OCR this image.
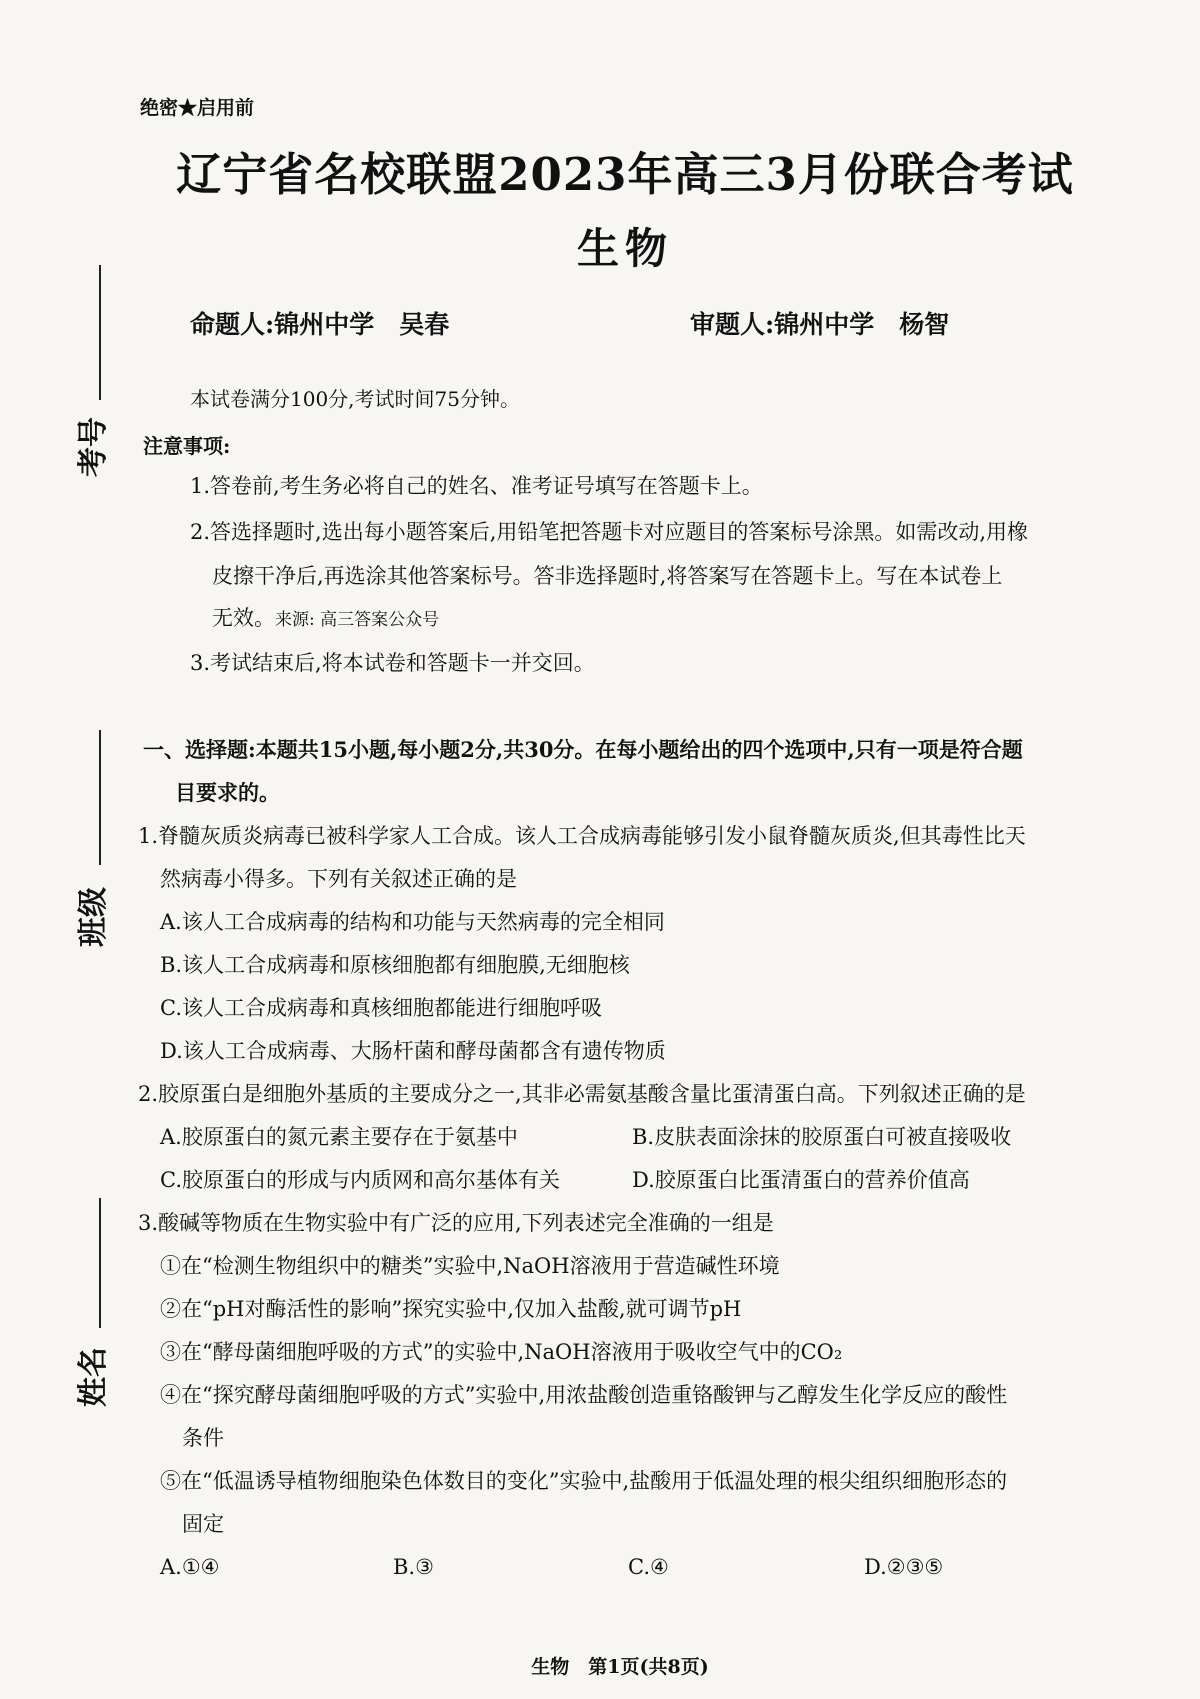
绝密★启用前
辽宁省名校联盟2023年高三3月份联合考试
生物
命题人:锦州中学　吴春	审题人:锦州中学　杨智
本试卷满分100分,考试时间75分钟。
注意事项:
1.答卷前,考生务必将自己的姓名、准考证号填写在答题卡上。
2.答选择题时,选出每小题答案后,用铅笔把答题卡对应题目的答案标号涂黑。如需改动,用橡
皮擦干净后,再选涂其他答案标号。答非选择题时,将答案写在答题卡上。写在本试卷上
无效。来源: 高三答案公众号
3.考试结束后,将本试卷和答题卡一并交回。
一、选择题:本题共15小题,每小题2分,共30分。在每小题给出的四个选项中,只有一项是符合题
目要求的。
1.脊髓灰质炎病毒已被科学家人工合成。该人工合成病毒能够引发小鼠脊髓灰质炎,但其毒性比天
然病毒小得多。下列有关叙述正确的是
A.该人工合成病毒的结构和功能与天然病毒的完全相同
B.该人工合成病毒和原核细胞都有细胞膜,无细胞核
C.该人工合成病毒和真核细胞都能进行细胞呼吸
D.该人工合成病毒、大肠杆菌和酵母菌都含有遗传物质
2.胶原蛋白是细胞外基质的主要成分之一,其非必需氨基酸含量比蛋清蛋白高。下列叙述正确的是
A.胶原蛋白的氮元素主要存在于氨基中	B.皮肤表面涂抹的胶原蛋白可被直接吸收
C.胶原蛋白的形成与内质网和高尔基体有关	D.胶原蛋白比蛋清蛋白的营养价值高
3.酸碱等物质在生物实验中有广泛的应用,下列表述完全准确的一组是
①在“检测生物组织中的糖类”实验中,NaOH溶液用于营造碱性环境
②在“pH对酶活性的影响”探究实验中,仅加入盐酸,就可调节pH
③在“酵母菌细胞呼吸的方式”的实验中,NaOH溶液用于吸收空气中的CO₂
④在“探究酵母菌细胞呼吸的方式”实验中,用浓盐酸创造重铬酸钾与乙醇发生化学反应的酸性
条件
⑤在“低温诱导植物细胞染色体数目的变化”实验中,盐酸用于低温处理的根尖组织细胞形态的
固定
A.①④	B.③	C.④	D.②③⑤
考号
班级
姓名
生物　第1页(共8页)
